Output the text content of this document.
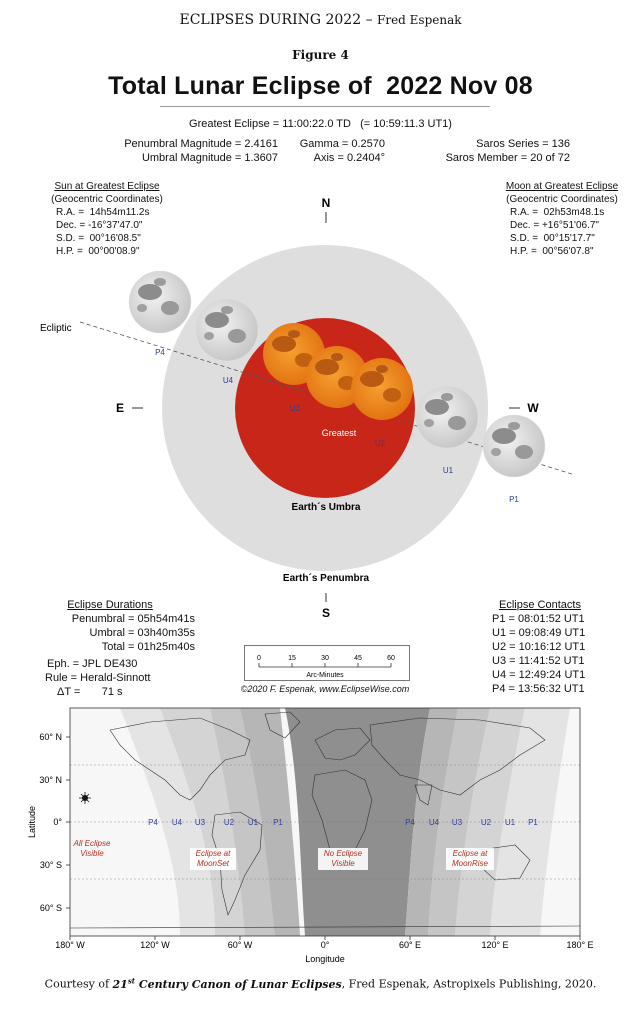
ECLIPSES DURING 2022 – Fred Espenak
Figure 4
Total Lunar Eclipse of  2022 Nov 08
Greatest Eclipse = 11:00:22.0 TD   (= 10:59:11.3 UT1)
Penumbral Magnitude = 2.4161
Umbral Magnitude = 1.3607
Gamma = 0.2570
Axis = 0.2404°
Saros Series = 136
Saros Member = 20 of 72
Sun at Greatest Eclipse
(Geocentric Coordinates)
R.A. =  14h54m11.2s
Dec. = -16°37'47.0"
S.D. =  00°16'08.5"
H.P. =  00°00'08.9"
Moon at Greatest Eclipse
(Geocentric Coordinates)
R.A. =  02h53m48.1s
Dec. = +16°51'06.7"
S.D. =  00°15'17.7"
H.P. =  00°56'07.8"
N
S
E	W
Ecliptic
P4
U4
U3
U2
U1
P1
Greatest
Earth´s Umbra
Earth´s Penumbra
Eclipse Durations
Penumbral = 05h54m41s
Umbral = 03h40m35s
Total = 01h25m40s
Eph. = JPL DE430
Rule = Herald-Sinnott
ΔT =       71 s
0	15	30	45	60
Arc-Minutes
©2020 F. Espenak, www.EclipseWise.com
Eclipse Contacts
P1 = 08:01:52 UT1
U1 = 09:08:49 UT1
U2 = 10:16:12 UT1
U3 = 11:41:52 UT1
U4 = 12:49:24 UT1
P4 = 13:56:32 UT1
60° N
30° N
0°
30° S
60° S
180° W	120° W	60° W	0°	60° E	120° E	180° E
Latitude
Longitude
P4 U4 U3 U2 U1 P1	P4 U4 U3 U2 U1 P1
All Eclipse
Visible	Eclipse at
MoonSet
No Eclipse
Visible
Eclipse at
MoonRise
Courtesy of 21st Century Canon of Lunar Eclipses, Fred Espenak, Astropixels Publishing, 2020.
